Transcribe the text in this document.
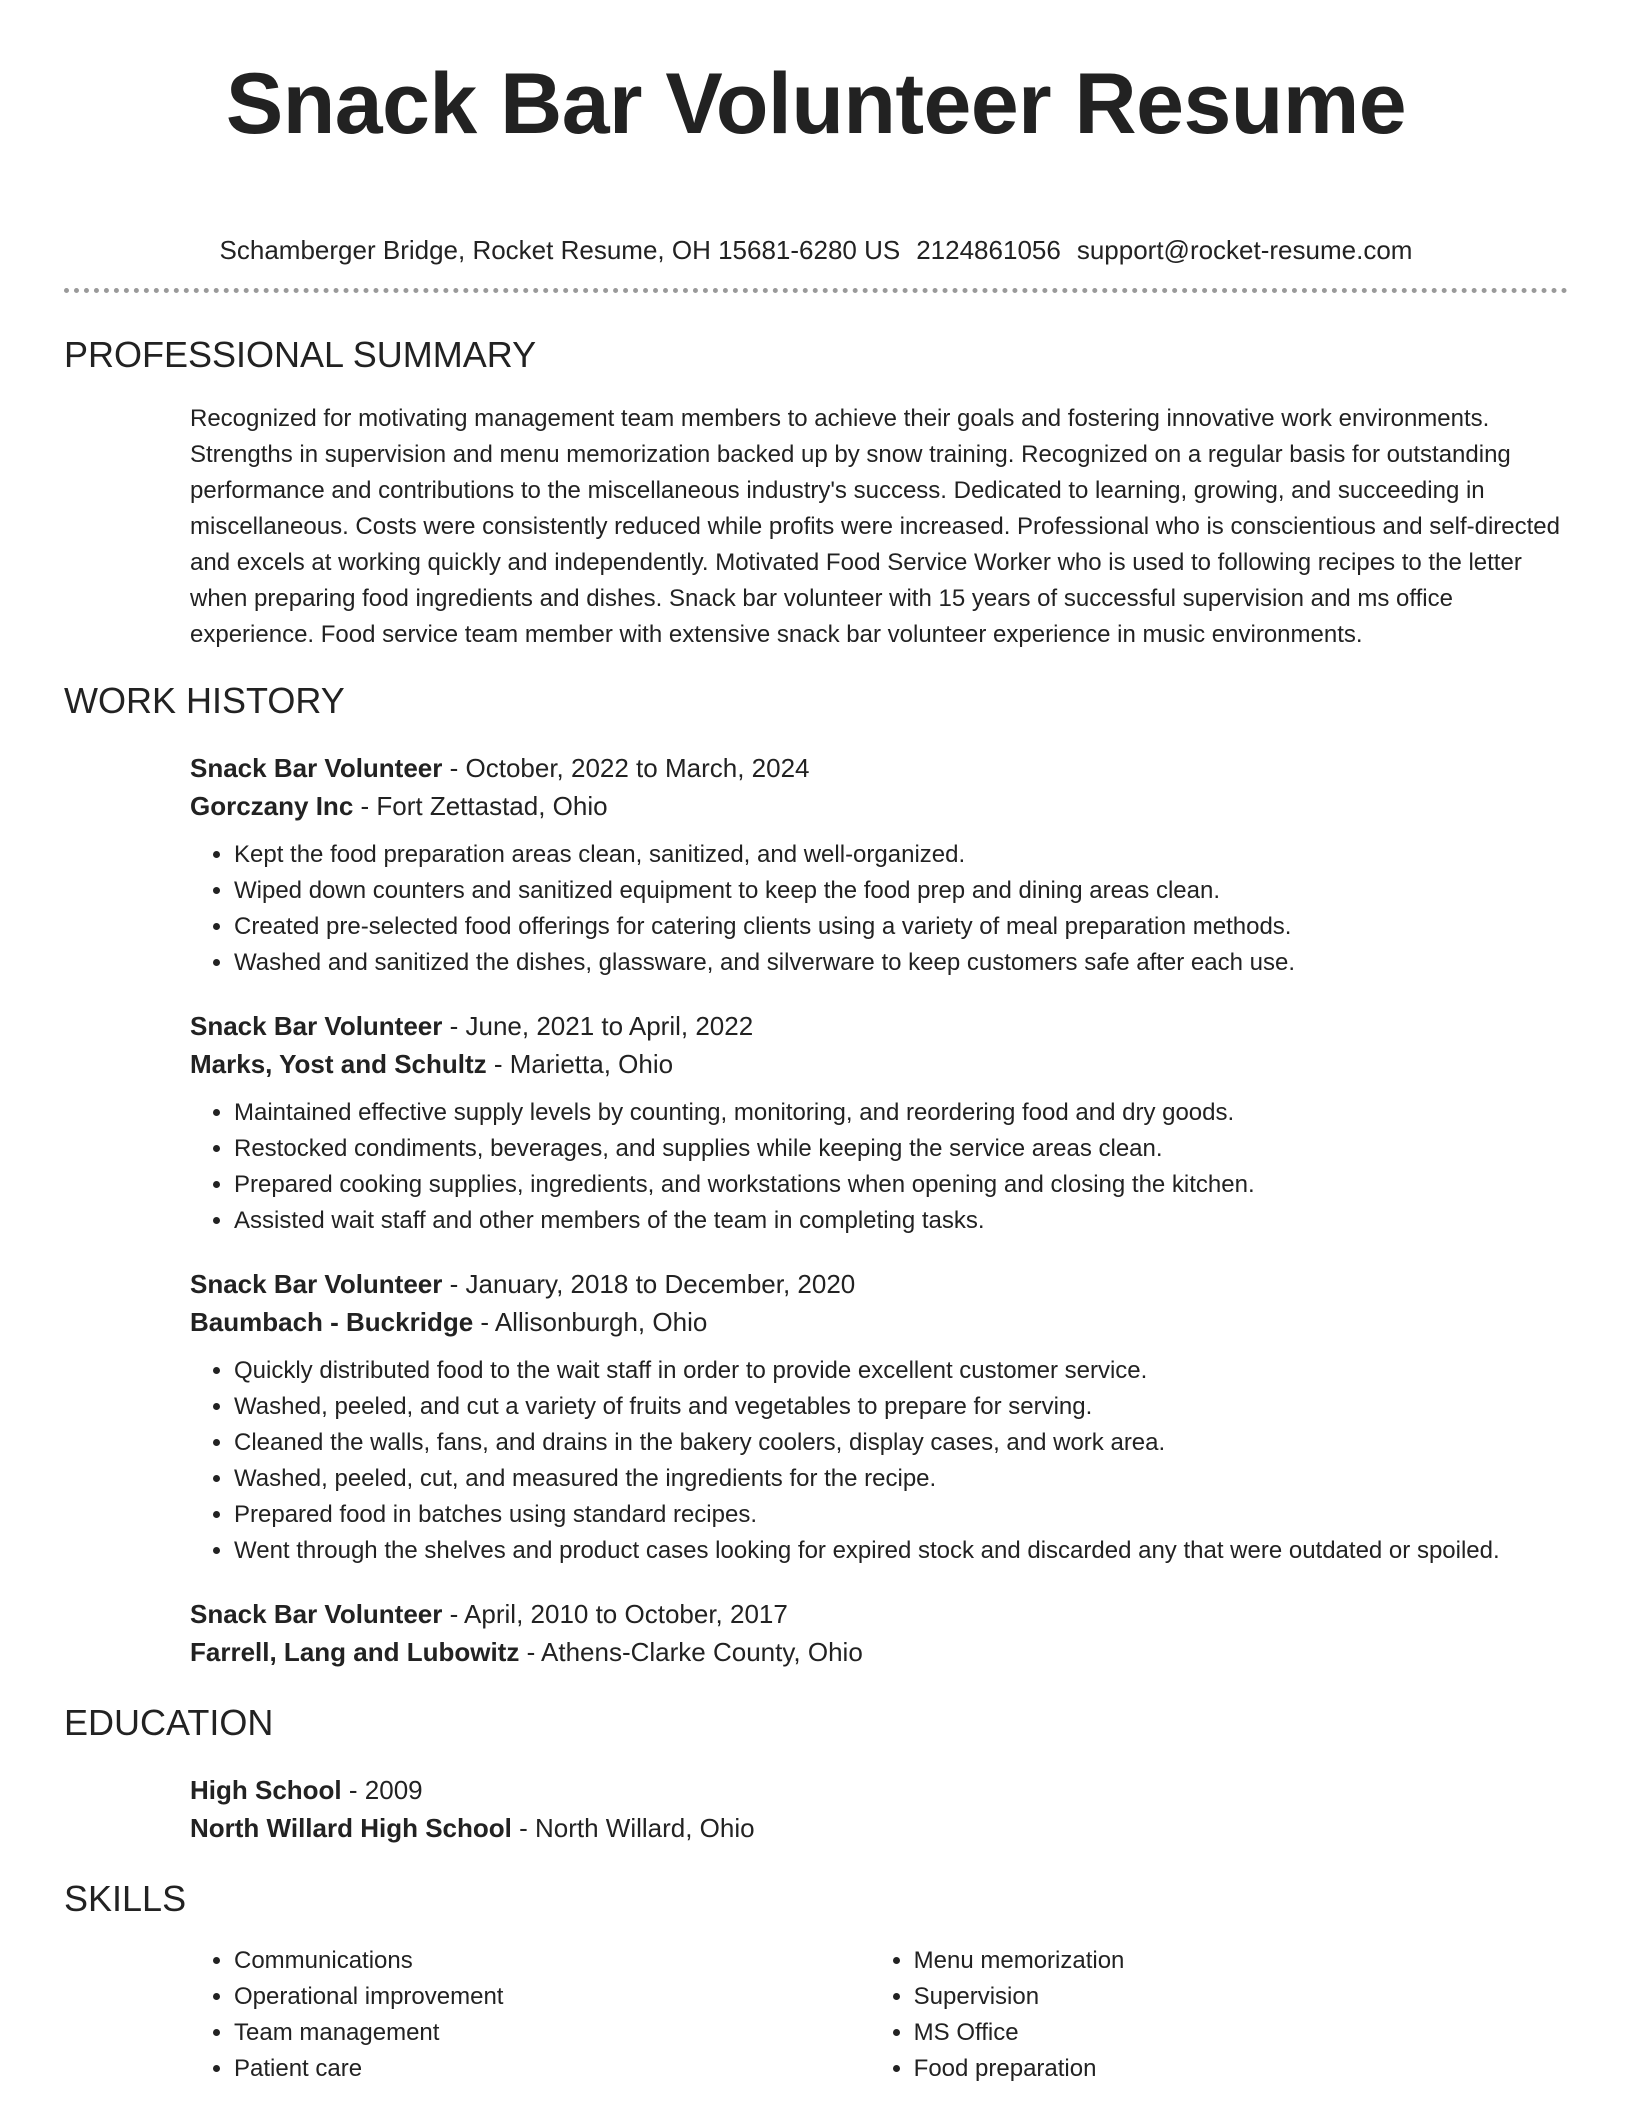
Snack Bar Volunteer Resume
Schamberger Bridge, Rocket Resume, OH 15681-6280 US 2124861056 support@rocket-resume.com
PROFESSIONAL SUMMARY

Recognized for motivating management team members to achieve their goals and fostering innovative work environments. Strengths in supervision and menu memorization backed up by snow training. Recognized on a regular basis for outstanding performance and contributions to the miscellaneous industry's success. Dedicated to learning, growing, and succeeding in miscellaneous. Costs were consistently reduced while profits were increased. Professional who is conscientious and self-directed and excels at working quickly and independently. Motivated Food Service Worker who is used to following recipes to the letter when preparing food ingredients and dishes. Snack bar volunteer with 15 years of successful supervision and ms office experience. Food service team member with extensive snack bar volunteer experience in music environments.

WORK HISTORY
Snack Bar Volunteer - October, 2022 to March, 2024
Gorczany Inc - Fort Zettastad, Ohio
• Kept the food preparation areas clean, sanitized, and well-organized.
• Wiped down counters and sanitized equipment to keep the food prep and dining areas clean.
• Created pre-selected food offerings for catering clients using a variety of meal preparation methods.
• Washed and sanitized the dishes, glassware, and silverware to keep customers safe after each use.
Snack Bar Volunteer - June, 2021 to April, 2022
Marks, Yost and Schultz - Marietta, Ohio
• Maintained effective supply levels by counting, monitoring, and reordering food and dry goods.
• Restocked condiments, beverages, and supplies while keeping the service areas clean.
• Prepared cooking supplies, ingredients, and workstations when opening and closing the kitchen.
• Assisted wait staff and other members of the team in completing tasks.
Snack Bar Volunteer - January, 2018 to December, 2020
Baumbach - Buckridge - Allisonburgh, Ohio
• Quickly distributed food to the wait staff in order to provide excellent customer service.
• Washed, peeled, and cut a variety of fruits and vegetables to prepare for serving.
• Cleaned the walls, fans, and drains in the bakery coolers, display cases, and work area.
• Washed, peeled, cut, and measured the ingredients for the recipe.
• Prepared food in batches using standard recipes.
• Went through the shelves and product cases looking for expired stock and discarded any that were outdated or spoiled.
Snack Bar Volunteer - April, 2010 to October, 2017
Farrell, Lang and Lubowitz - Athens-Clarke County, Ohio
EDUCATION
High School - 2009
North Willard High School - North Willard, Ohio
SKILLS
• Communications
• Operational improvement
• Team management
• Patient care
• Menu memorization
• Supervision
• MS Office
• Food preparation
